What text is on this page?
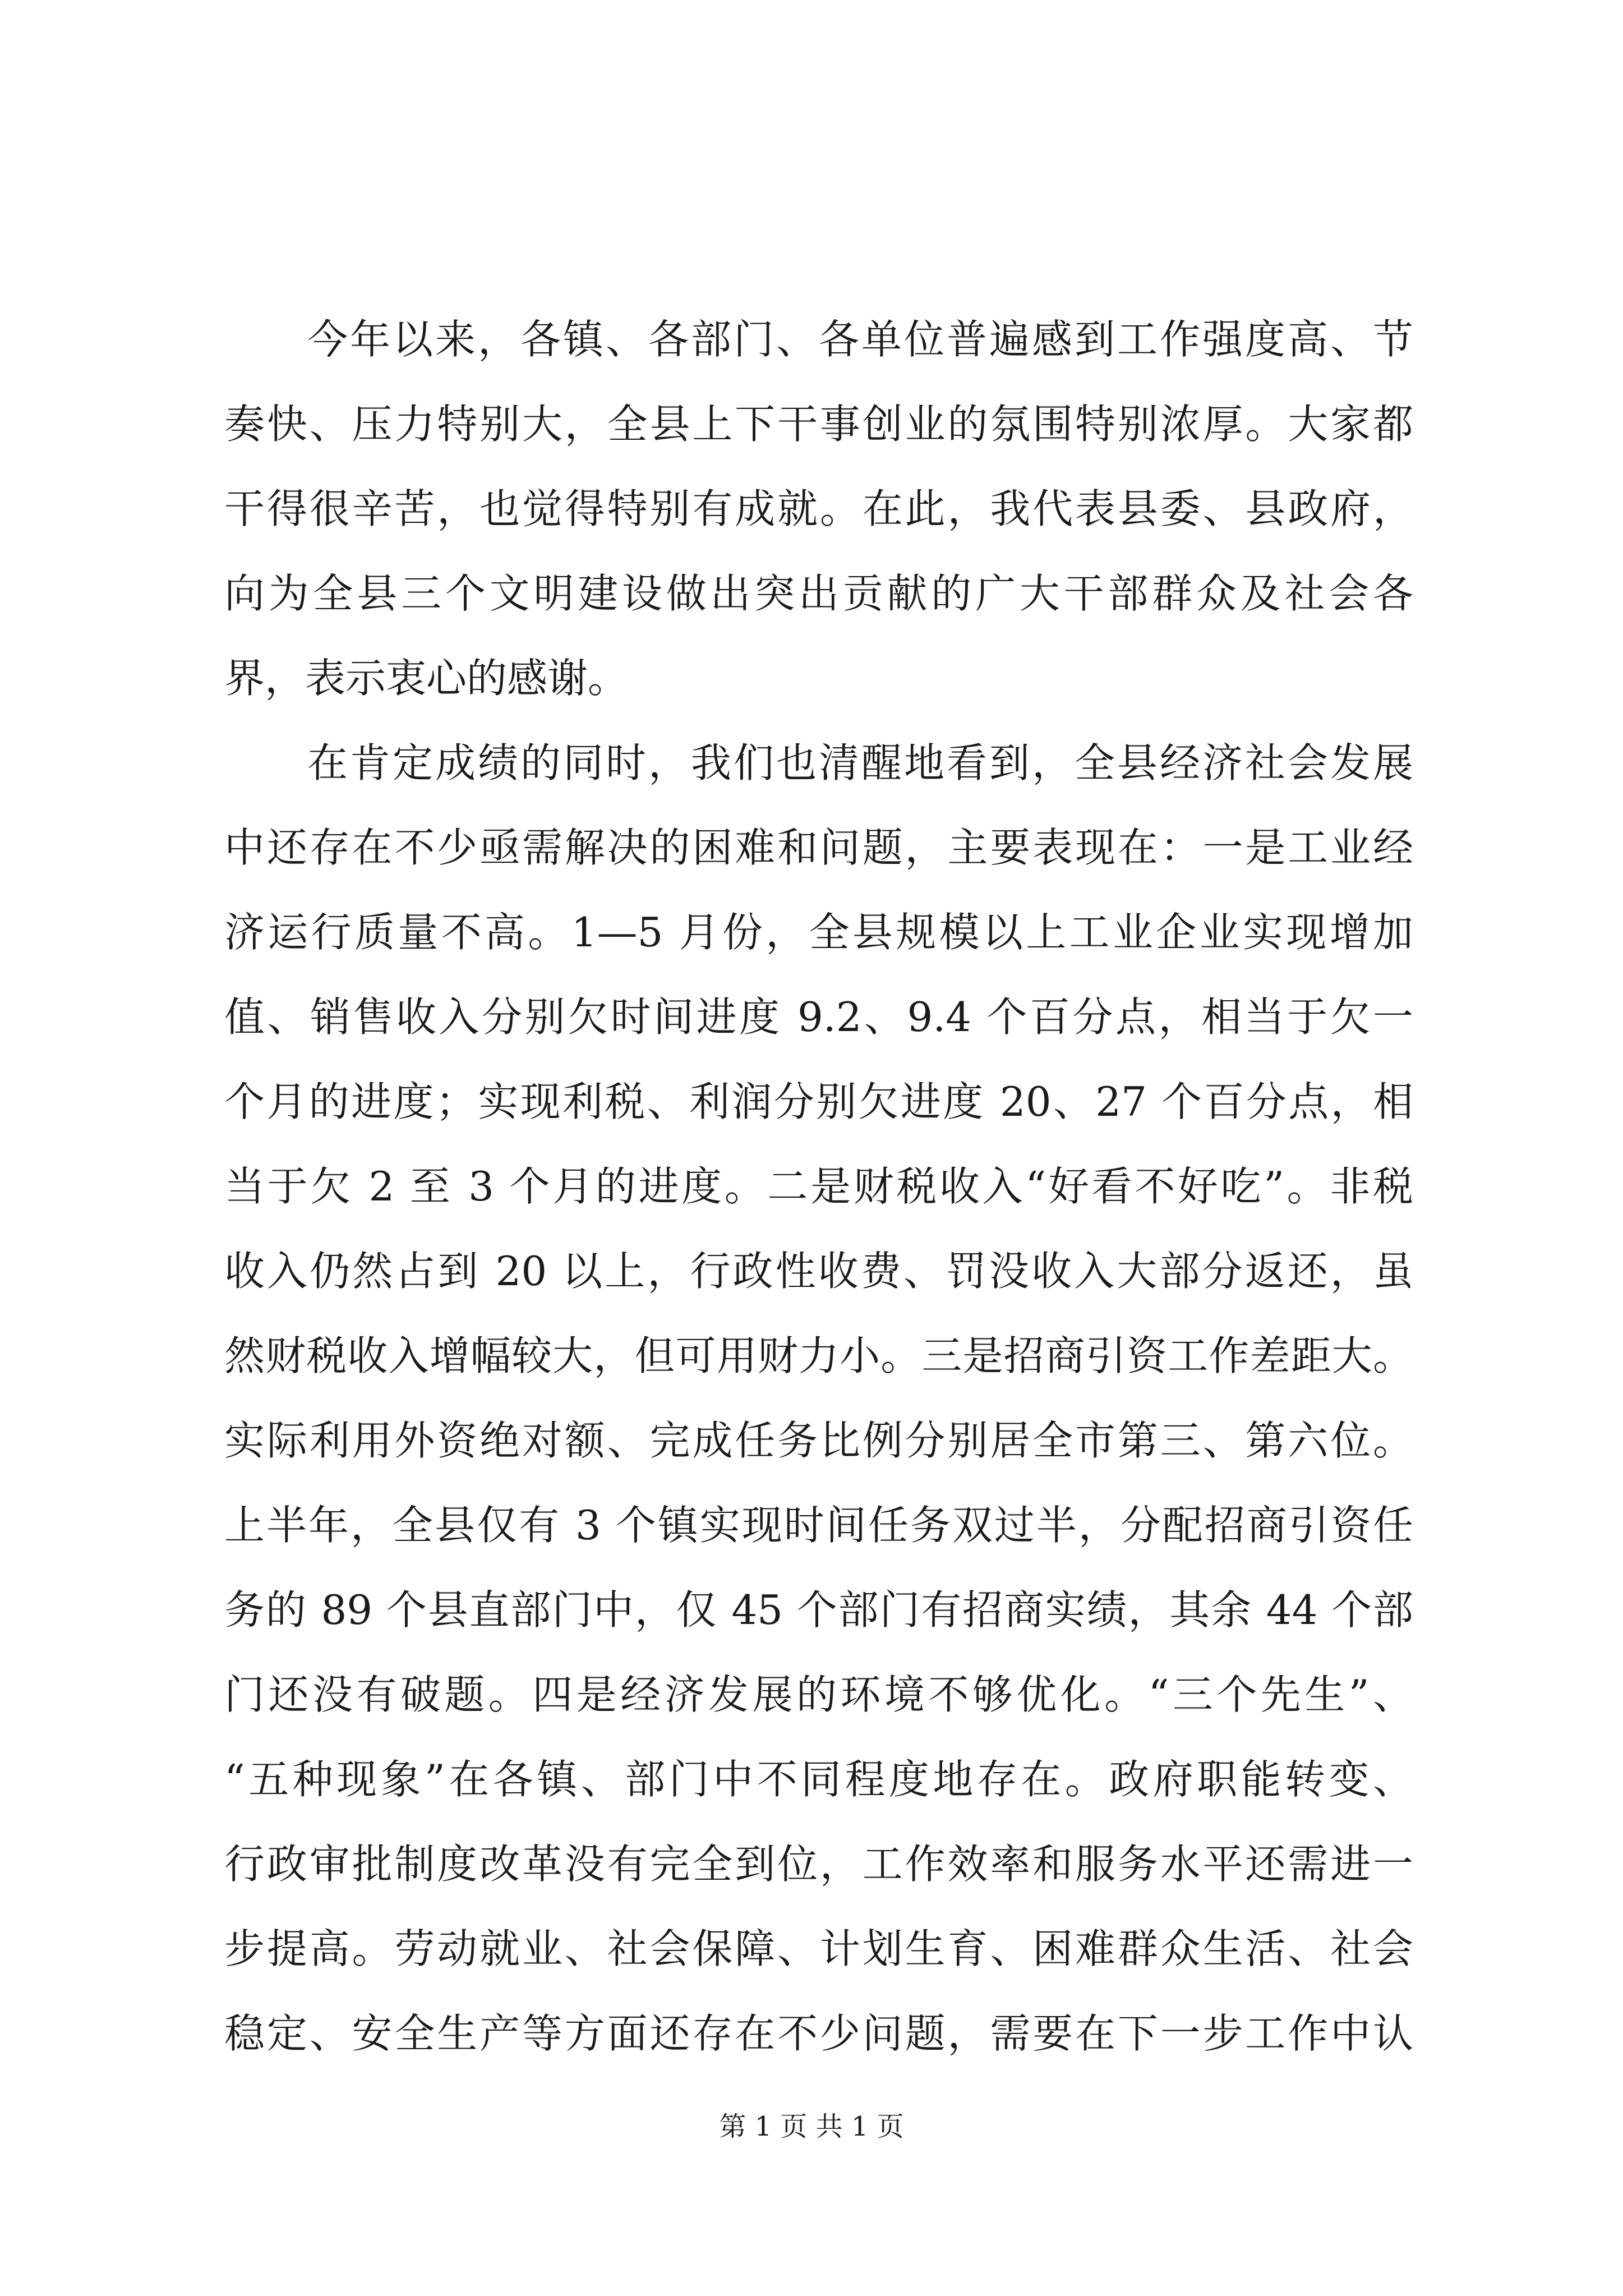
今年以来，各镇、各部门、各单位普遍感到工作强度高、节
奏快、压力特别大，全县上下干事创业的氛围特别浓厚。大家都
干得很辛苦，也觉得特别有成就。在此，我代表县委、县政府，
向为全县三个文明建设做出突出贡献的广大干部群众及社会各
界，表示衷心的感谢。
在肯定成绩的同时，我们也清醒地看到，全县经济社会发展
中还存在不少亟需解决的困难和问题，主要表现在：一是工业经
济运行质量不高。1—5 月份，全县规模以上工业企业实现增加
值、销售收入分别欠时间进度 9.2、9.4 个百分点，相当于欠一
个月的进度；实现利税、利润分别欠进度 20、27 个百分点，相
当于欠 2 至 3 个月的进度。二是财税收入“好看不好吃”。非税
收入仍然占到 20 以上，行政性收费、罚没收入大部分返还，虽
然财税收入增幅较大，但可用财力小。三是招商引资工作差距大。
实际利用外资绝对额、完成任务比例分别居全市第三、第六位。
上半年，全县仅有 3 个镇实现时间任务双过半，分配招商引资任
务的 89 个县直部门中，仅 45 个部门有招商实绩，其余 44 个部
门还没有破题。四是经济发展的环境不够优化。“三个先生”、
“五种现象”在各镇、部门中不同程度地存在。政府职能转变、
行政审批制度改革没有完全到位，工作效率和服务水平还需进一
步提高。劳动就业、社会保障、计划生育、困难群众生活、社会
稳定、安全生产等方面还存在不少问题，需要在下一步工作中认
第 1 页 共 1 页
